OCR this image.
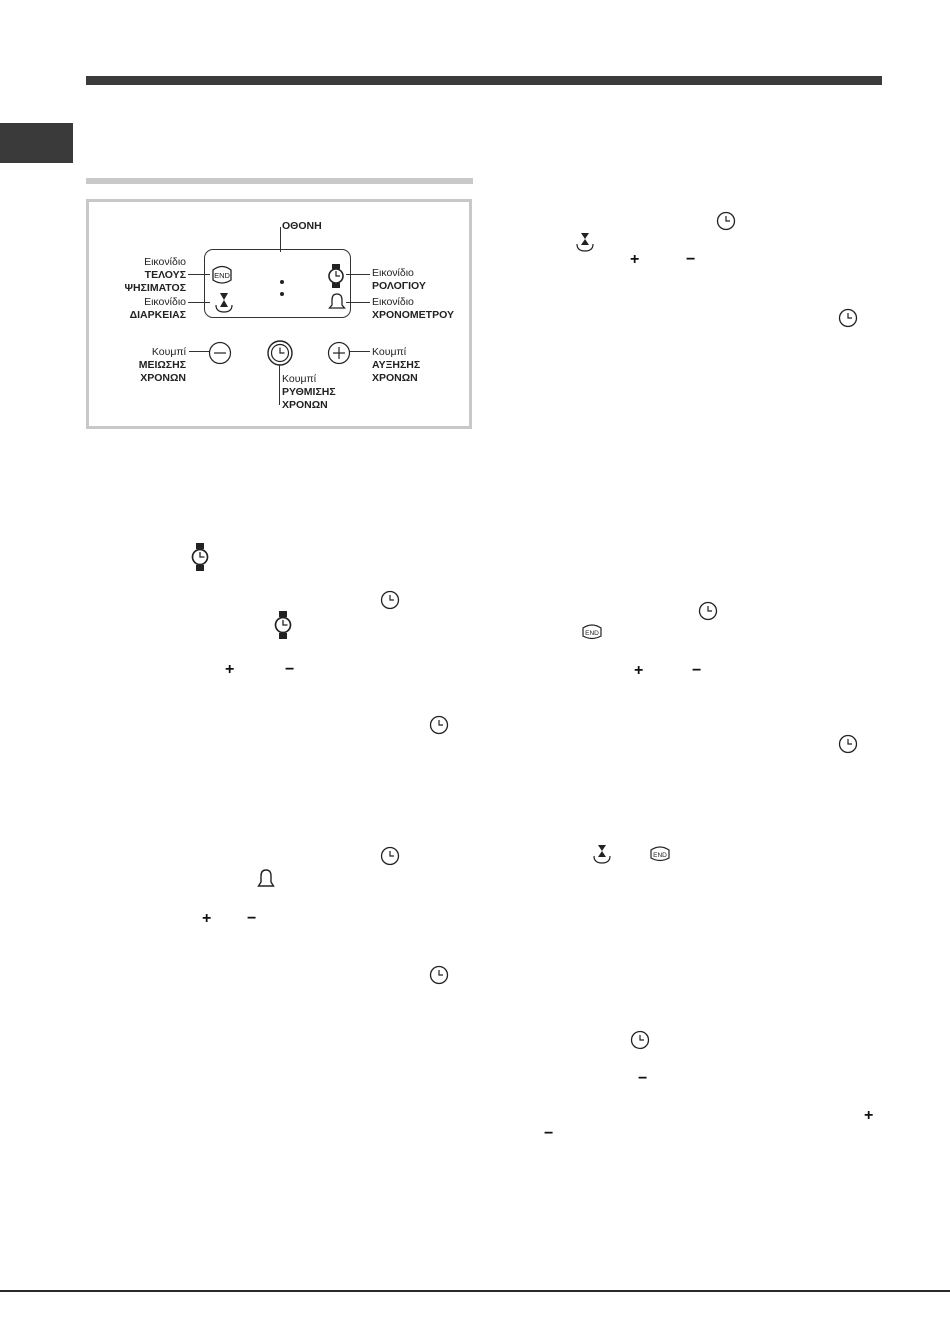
ΟΘΟΝΗ
Εικονίδιο
ΤΕΛΟΥΣ
ΨΗΣΙΜΑΤΟΣ
Εικονίδιο
ΔΙΑΡΚΕΙΑΣ
Εικονίδιο
ΡΟΛΟΓΙΟΥ
Εικονίδιο
ΧΡΟΝΟΜΕΤΡΟΥ
Κουμπί
ΜΕΙΩΣΗΣ
ΧΡΟΝΩΝ
Κουμπί
ΑΥΞΗΣΗΣ
ΧΡΟΝΩΝ
Κουμπί
ΡΥΘΜΙΣΗΣ
ΧΡΟΝΩΝ
END
+	−
+ −
+	−
END
+	−
END
−
+
−
